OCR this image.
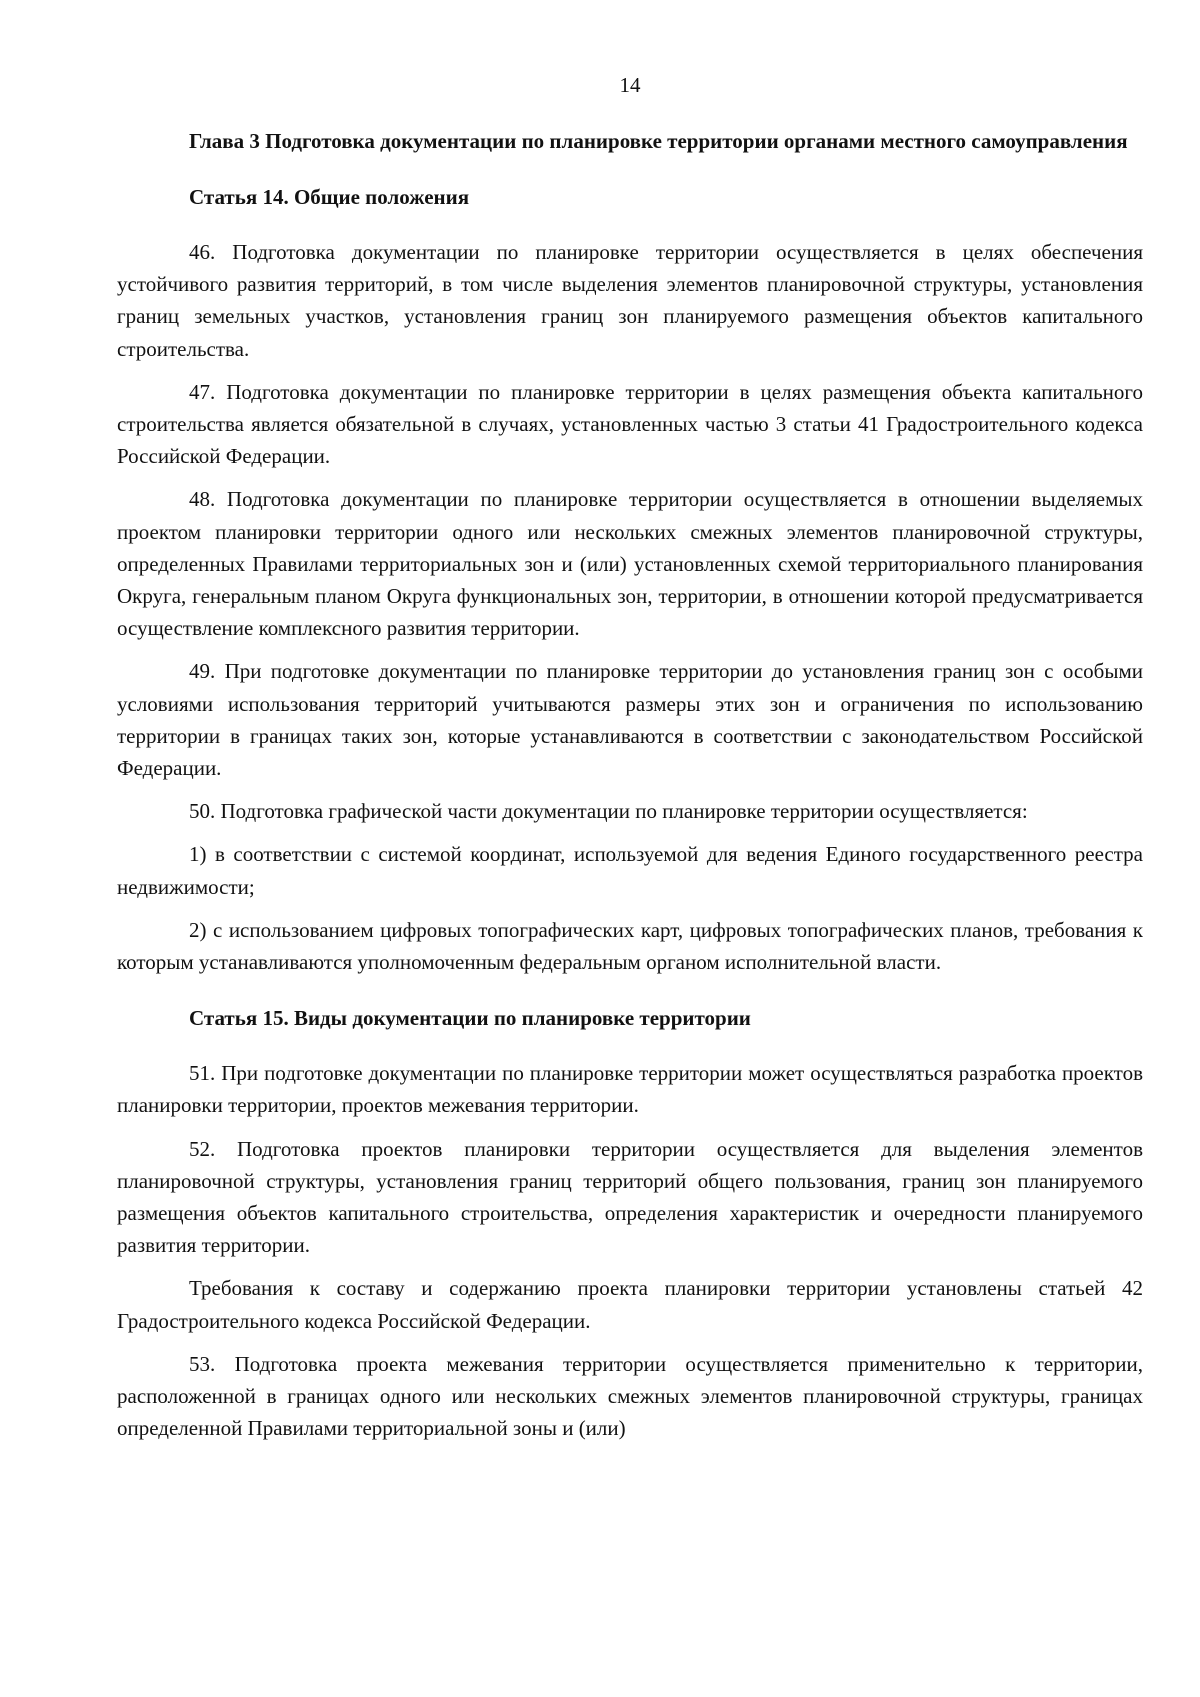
14

Глава 3 Подготовка документации по планировке территории органами местного самоуправления

Статья 14. Общие положения

46. Подготовка документации по планировке территории осуществляется в целях обеспечения устойчивого развития территорий, в том числе выделения элементов планировочной структуры, установления границ земельных участков, установления границ зон планируемого размещения объектов капитального строительства.

47. Подготовка документации по планировке территории в целях размещения объекта капитального строительства является обязательной в случаях, установленных частью 3 статьи 41 Градостроительного кодекса Российской Федерации.

48. Подготовка документации по планировке территории осуществляется в отношении выделяемых проектом планировки территории одного или нескольких смежных элементов планировочной структуры, определенных Правилами территориальных зон и (или) установленных схемой территориального планирования Округа, генеральным планом Округа функциональных зон, территории, в отношении которой предусматривается осуществление комплексного развития территории.

49. При подготовке документации по планировке территории до установления границ зон с особыми условиями использования территорий учитываются размеры этих зон и ограничения по использованию территории в границах таких зон, которые устанавливаются в соответствии с законодательством Российской Федерации.

50. Подготовка графической части документации по планировке территории осуществляется:

1) в соответствии с системой координат, используемой для ведения Единого государственного реестра недвижимости;

2) с использованием цифровых топографических карт, цифровых топографических планов, требования к которым устанавливаются уполномоченным федеральным органом исполнительной власти.

Статья 15. Виды документации по планировке территории

51. При подготовке документации по планировке территории может осуществляться разработка проектов планировки территории, проектов межевания территории.

52. Подготовка проектов планировки территории осуществляется для выделения элементов планировочной структуры, установления границ территорий общего пользования, границ зон планируемого размещения объектов капитального строительства, определения характеристик и очередности планируемого развития территории.

Требования к составу и содержанию проекта планировки территории установлены статьей 42 Градостроительного кодекса Российской Федерации.

53. Подготовка проекта межевания территории осуществляется применительно к территории, расположенной в границах одного или нескольких смежных элементов планировочной структуры, границах определенной Правилами территориальной зоны и (или)
